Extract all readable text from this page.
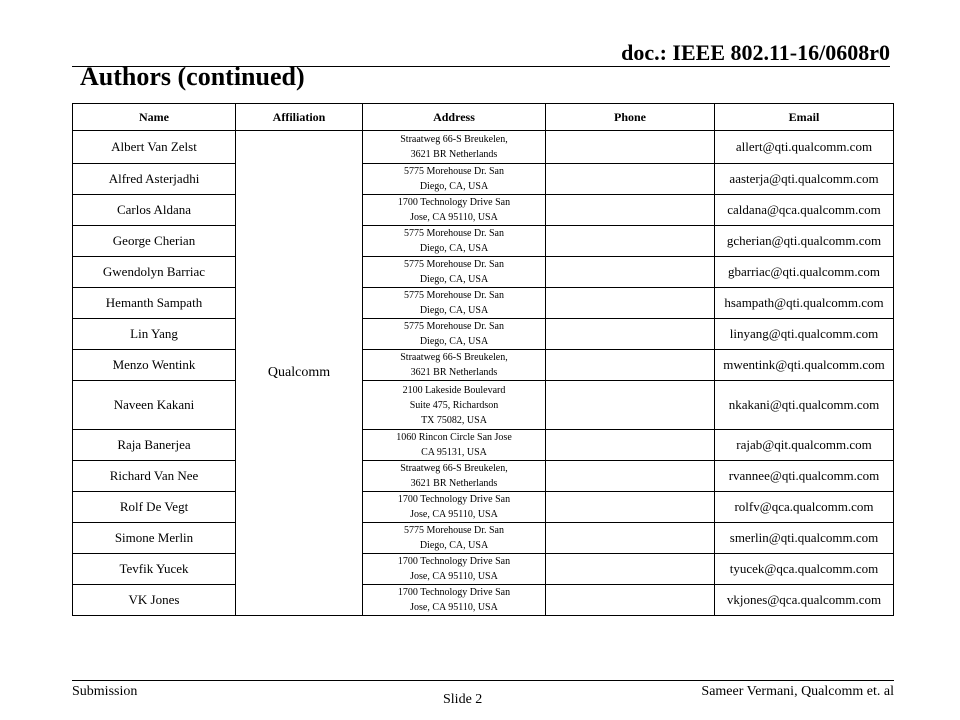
doc.: IEEE 802.11-16/0608r0
Authors (continued)
Name	Affiliation	Address	Phone	Email
Albert Van Zelst	Qualcomm	Straatweg 66-S Breukelen,
3621 BR Netherlands		allert@qti.qualcomm.com
Alfred Asterjadhi		5775 Morehouse Dr. San
Diego, CA, USA		aasterja@qti.qualcomm.com
Carlos Aldana		1700 Technology Drive San
Jose, CA 95110, USA		caldana@qca.qualcomm.com
George Cherian		5775 Morehouse Dr. San
Diego, CA, USA		gcherian@qti.qualcomm.com
Gwendolyn Barriac		5775 Morehouse Dr. San
Diego, CA, USA		gbarriac@qti.qualcomm.com
Hemanth Sampath		5775 Morehouse Dr. San
Diego, CA, USA		hsampath@qti.qualcomm.com
Lin Yang		5775 Morehouse Dr. San
Diego, CA, USA		linyang@qti.qualcomm.com
Menzo Wentink		Straatweg 66-S Breukelen,
3621 BR Netherlands		mwentink@qti.qualcomm.com
Naveen Kakani		2100 Lakeside Boulevard
Suite 475, Richardson
TX 75082, USA		nkakani@qti.qualcomm.com
Raja Banerjea		1060 Rincon Circle San Jose
CA 95131, USA		rajab@qit.qualcomm.com
Richard Van Nee		Straatweg 66-S Breukelen,
3621 BR Netherlands		rvannee@qti.qualcomm.com
Rolf De Vegt		1700 Technology Drive San
Jose, CA 95110, USA		rolfv@qca.qualcomm.com
Simone Merlin		5775 Morehouse Dr. San
Diego, CA, USA		smerlin@qti.qualcomm.com
Tevfik Yucek		1700 Technology Drive San
Jose, CA 95110, USA		tyucek@qca.qualcomm.com
VK Jones		1700 Technology Drive San
Jose, CA 95110, USA		vkjones@qca.qualcomm.com
Submission
Slide 2
Sameer Vermani, Qualcomm et. al
